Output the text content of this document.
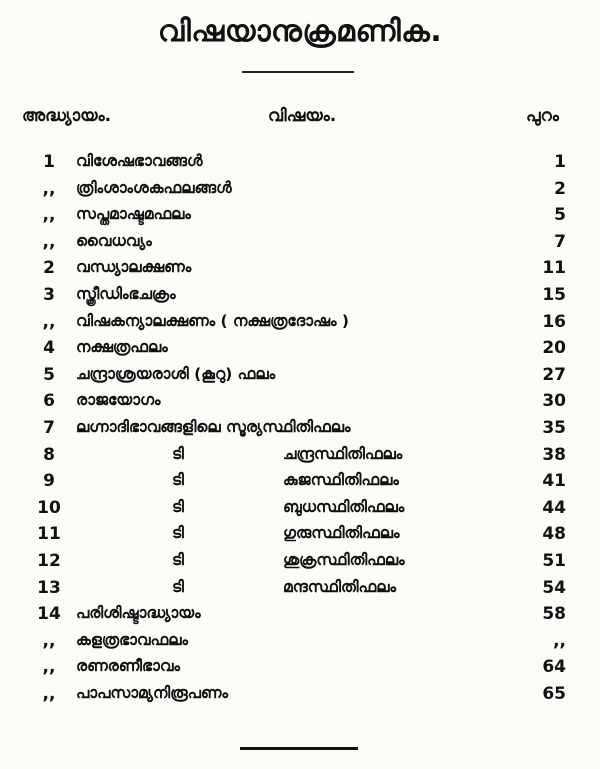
വിഷയാനുക്രമണിക.
അദ്ധ്യായം.	വിഷയം.	പുറം
1	വിശേഷഭാവങ്ങൾ	1
,,	ത്രിംശാംശകഫലങ്ങൾ	2
,,	സപ്തമാഷ്ടമഫലം	5
,,	വൈധവ്യം	7
2	വന്ധ്യാലക്ഷണം	11
3	സ്ത്രീഡിംഭചക്രം	15
,,	വിഷകന്യാലക്ഷണം ( നക്ഷത്രദോഷം )	16
4	നക്ഷത്രഫലം	20
5	ചന്ദ്രാശ്രയരാശി (കൂറു) ഫലം	27
6	രാജയോഗം	30
7	ലഗ്നാദിഭാവങ്ങളിലെ സൂര്യസ്ഥിതിഫലം	35
8	ടി	ചന്ദ്രസ്ഥിതിഫലം	38
9	ടി	കുജസ്ഥിതിഫലം	41
10	ടി	ബുധസ്ഥിതിഫലം	44
11	ടി	ഗുരുസ്ഥിതിഫലം	48
12	ടി	ശുക്രസ്ഥിതിഫലം	51
13	ടി	മന്ദസ്ഥിതിഫലം	54
14 പരിശിഷ്ടാദ്ധ്യായം	58
,,	കളത്രഭാവഫലം	,,
,,	രണരണീഭാവം	64
,,	പാപസാമ്യനിരൂപണം	65
